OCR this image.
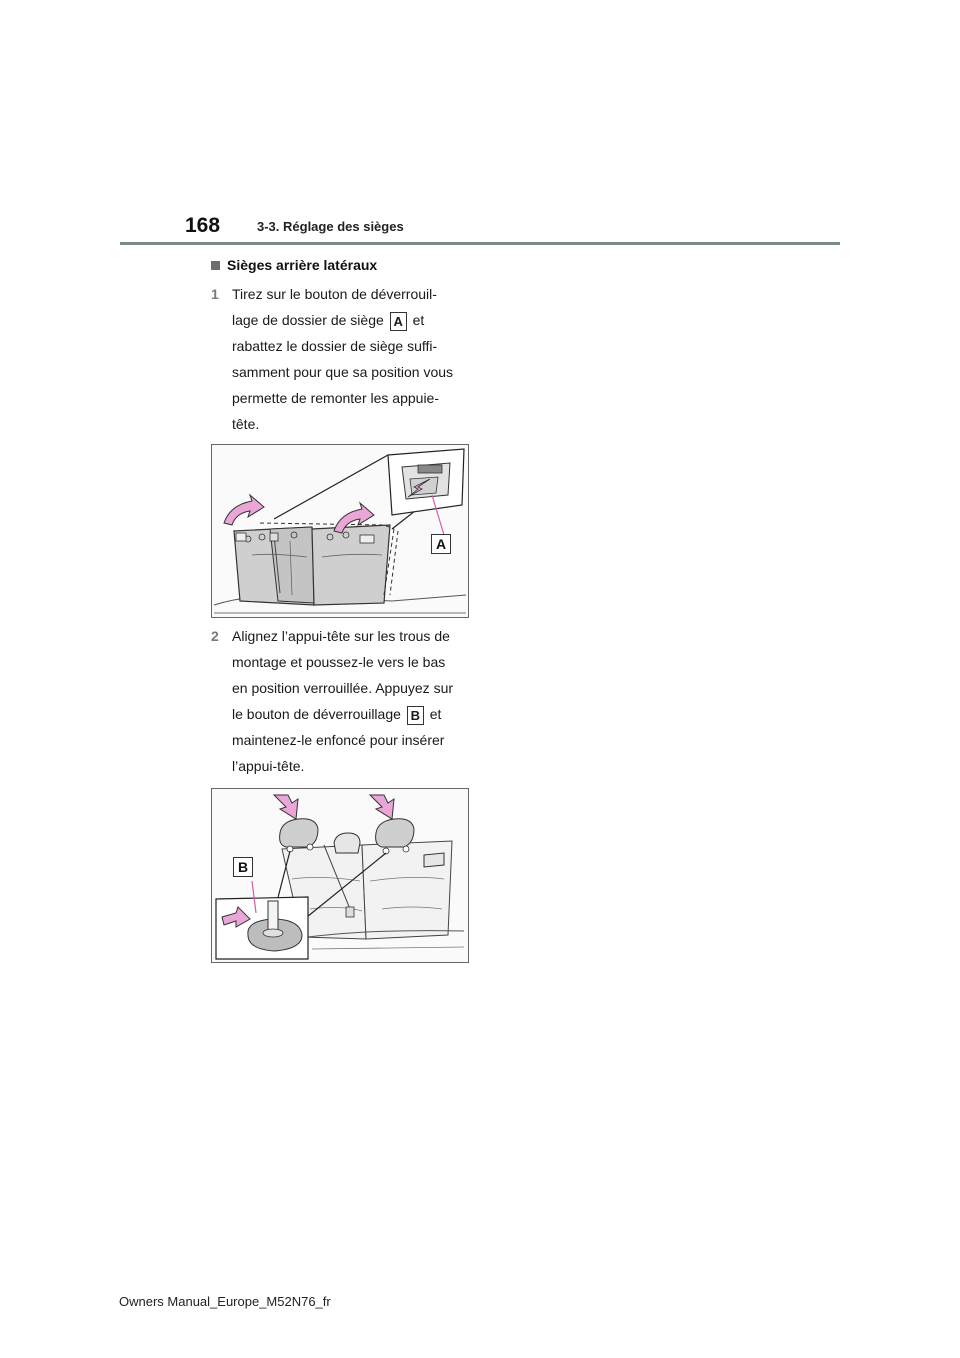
168	3-3. Réglage des sièges
Sièges arrière latéraux
1 Tirez sur le bouton de déverrouil-
lage de dossier de siège A et
rabattez le dossier de siège suffi-
samment pour que sa position vous
permette de remonter les appuie-
tête.
A
2 Alignez l’appui-tête sur les trous de
montage et poussez-le vers le bas
en position verrouillée. Appuyez sur
le bouton de déverrouillage B et
maintenez-le enfoncé pour insérer
l’appui-tête.
B
Owners Manual_Europe_M52N76_fr
